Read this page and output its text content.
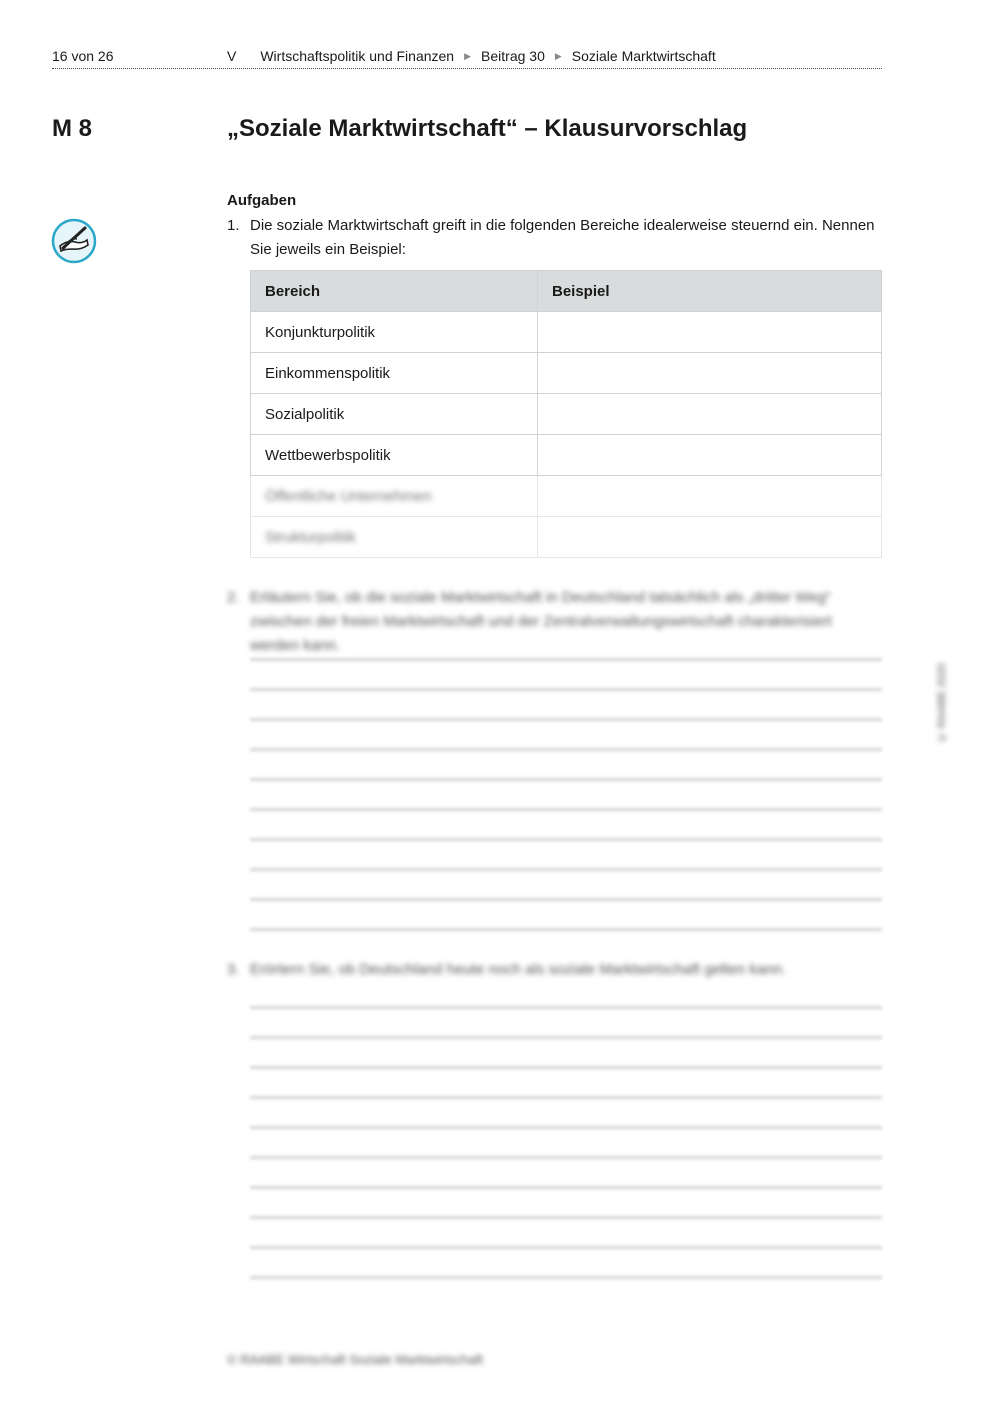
16 von 26	V Wirtschaftspolitik und Finanzen ▶ Beitrag 30 ▶ Soziale Marktwirtschaft
M 8	„Soziale Marktwirtschaft“ – Klausurvorschlag
Aufgaben
1. Die soziale Marktwirtschaft greift in die folgenden Bereiche idealerweise steuernd ein. Nennen Sie jeweils ein Beispiel:
Bereich	Beispiel
Konjunkturpolitik	
Einkommenspolitik	
Sozialpolitik	
Wettbewerbspolitik	
Öffentliche Unternehmen	
Strukturpolitik	
2. Erläutern Sie, ob die soziale Marktwirtschaft in Deutschland tatsächlich als „dritter Weg“ zwischen der freien Marktwirtschaft und der Zentralverwaltungswirtschaft charakterisiert werden kann.
3. Erörtern Sie, ob Deutschland heute noch als soziale Marktwirtschaft gelten kann.
© RAABE 2020
© RAABE Wirtschaft Soziale Marktwirtschaft
